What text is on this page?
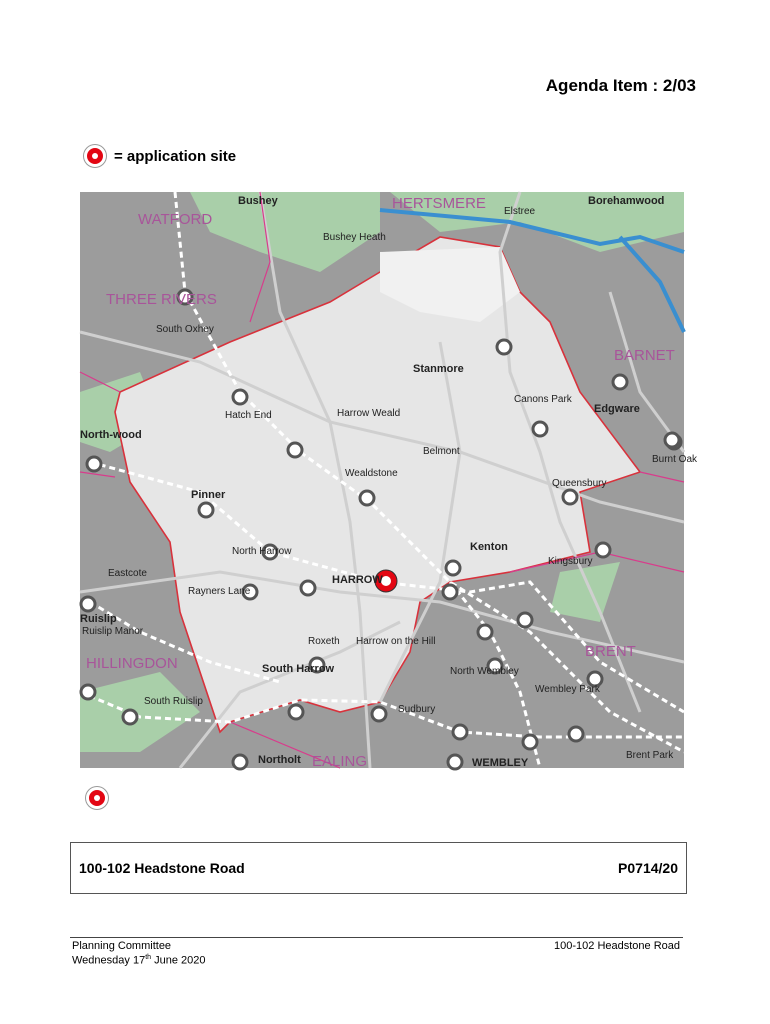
Agenda Item : 2/03
= application site
WATFORD
HERTSMERE
THREE RIVERS
BARNET
HILLINGDON
BRENT
EALING
Bushey
Elstree
Borehamwood
Bushey Heath
South Oxhey
Stanmore
Canons Park
Edgware
Hatch End	Harrow Weald
North-wood
Belmont
Burnt Oak
Wealdstone
Queensbury
Pinner
Kenton
Kingsbury
North Harrow
Eastcote
HARROW
Rayners Lane
Ruislip
Ruislip Manor
Roxeth Harrow on the Hill
South Harrow	North Wembley
Wembley Park
South Ruislip
Sudbury
Northolt	WEMBLEY
Brent Park
100-102 Headstone Road	P0714/20
Planning Committee
Wednesday 17th June 2020
100-102 Headstone Road
